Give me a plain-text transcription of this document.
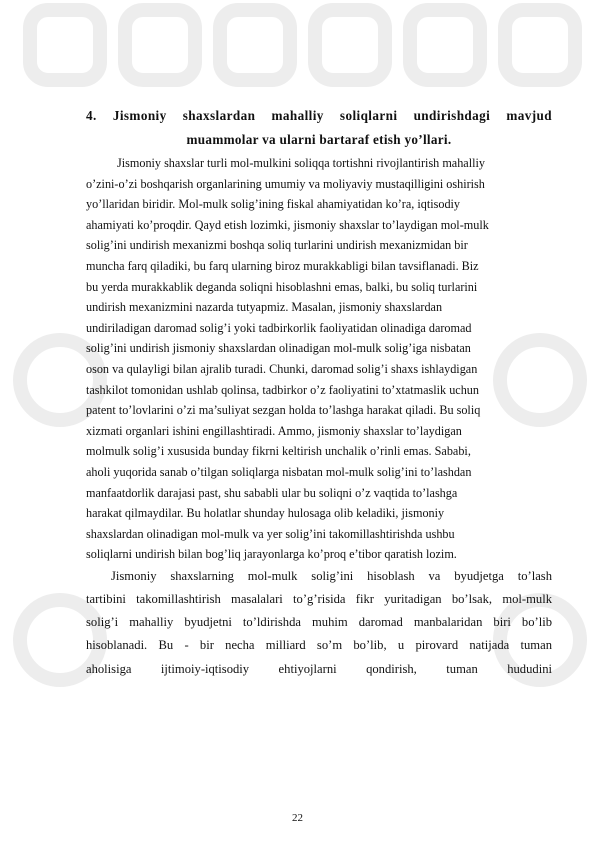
4. Jismoniy shaxslardan mahalliy soliqlarni undirishdagi mavjud
muammolar va ularni bartaraf etish yo’llari.
Jismoniy shaxslar turli mol-mulkini soliqqa tortishni rivojlantirish mahalliy
o’zini-o’zi boshqarish organlarining umumiy va moliyaviy mustaqilligini oshirish
yo’llaridan biridir. Mol-mulk solig’ining fiskal ahamiyatidan ko’ra, iqtisodiy
ahamiyati ko’proqdir. Qayd etish lozimki, jismoniy shaxslar to’laydigan mol-mulk
solig’ini undirish mexanizmi boshqa soliq turlarini undirish mexanizmidan bir
muncha farq qiladiki, bu farq ularning biroz murakkabligi bilan tavsiflanadi. Biz
bu yerda murakkablik deganda soliqni hisoblashni emas, balki, bu soliq turlarini
undirish mexanizmini nazarda tutyapmiz. Masalan, jismoniy shaxslardan
undiriladigan daromad solig’i yoki tadbirkorlik faoliyatidan olinadiga daromad
solig’ini undirish jismoniy shaxslardan olinadigan mol-mulk solig’iga nisbatan
oson va qulayligi bilan ajralib turadi. Chunki, daromad solig’i shaxs ishlaydigan
tashkilot tomonidan ushlab qolinsa, tadbirkor o’z faoliyatini to’xtatmaslik uchun
patent to’lovlarini o’zi ma’suliyat sezgan holda to’lashga harakat qiladi. Bu soliq
xizmati organlari ishini engillashtiradi. Ammo, jismoniy shaxslar to’laydigan
molmulk solig’i xususida bunday fikrni keltirish unchalik o’rinli emas. Sababi,
aholi yuqorida sanab o’tilgan soliqlarga nisbatan mol-mulk solig’ini to’lashdan
manfaatdorlik darajasi past, shu sababli ular bu soliqni o’z vaqtida to’lashga
harakat qilmaydilar. Bu holatlar shunday hulosaga olib keladiki, jismoniy
shaxslardan olinadigan mol-mulk va yer solig’ini takomillashtirishda ushbu
soliqlarni undirish bilan bog’liq jarayonlarga ko’proq e’tibor qaratish lozim.
Jismoniy shaxslarning mol-mulk solig’ini hisoblash va byudjetga to’lash
tartibini takomillashtirish masalalari to’g’risida fikr yuritadigan bo’lsak, mol-mulk
solig’i mahalliy byudjetni to’ldirishda muhim daromad manbalaridan biri bo’lib
hisoblanadi. Bu - bir necha milliard so’m bo’lib, u pirovard natijada tuman
aholisiga ijtimoiy-iqtisodiy ehtiyojlarni qondirish, tuman hududini
22
